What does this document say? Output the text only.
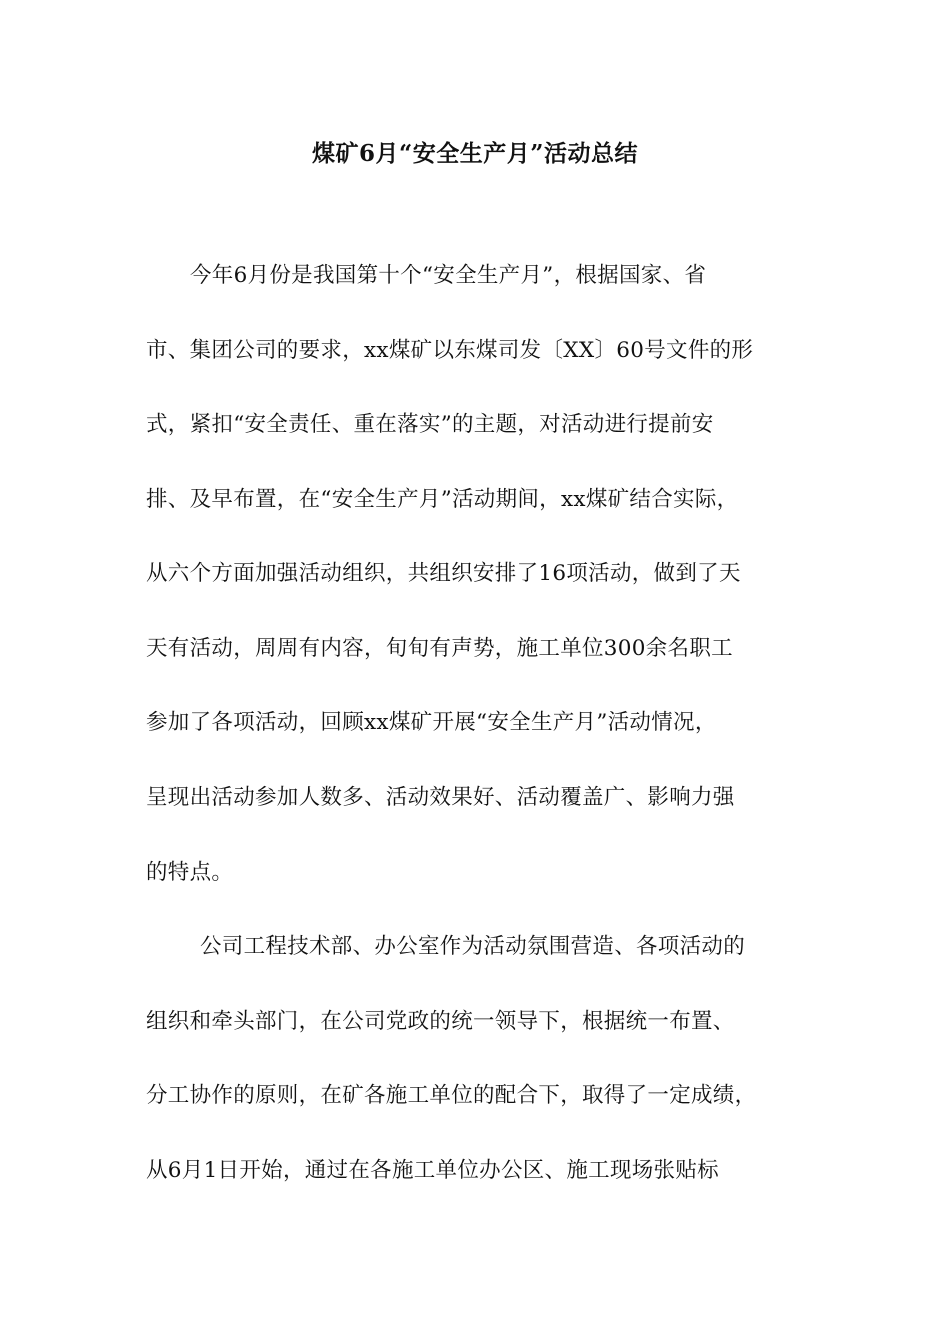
煤矿6月“安全生产月”活动总结
今年6月份是我国第十个“安全生产月”，根据国家、省
市、集团公司的要求，xx煤矿以东煤司发〔XX〕60号文件的形
式，紧扣“安全责任、重在落实”的主题，对活动进行提前安
排、及早布置，在“安全生产月”活动期间，xx煤矿结合实际，
从六个方面加强活动组织，共组织安排了16项活动，做到了天
天有活动，周周有内容，旬旬有声势，施工单位300余名职工
参加了各项活动，回顾xx煤矿开展“安全生产月”活动情况，
呈现出活动参加人数多、活动效果好、活动覆盖广、影响力强
的特点。
公司工程技术部、办公室作为活动氛围营造、各项活动的
组织和牵头部门，在公司党政的统一领导下，根据统一布置、
分工协作的原则，在矿各施工单位的配合下，取得了一定成绩，
从6月1日开始，通过在各施工单位办公区、施工现场张贴标
